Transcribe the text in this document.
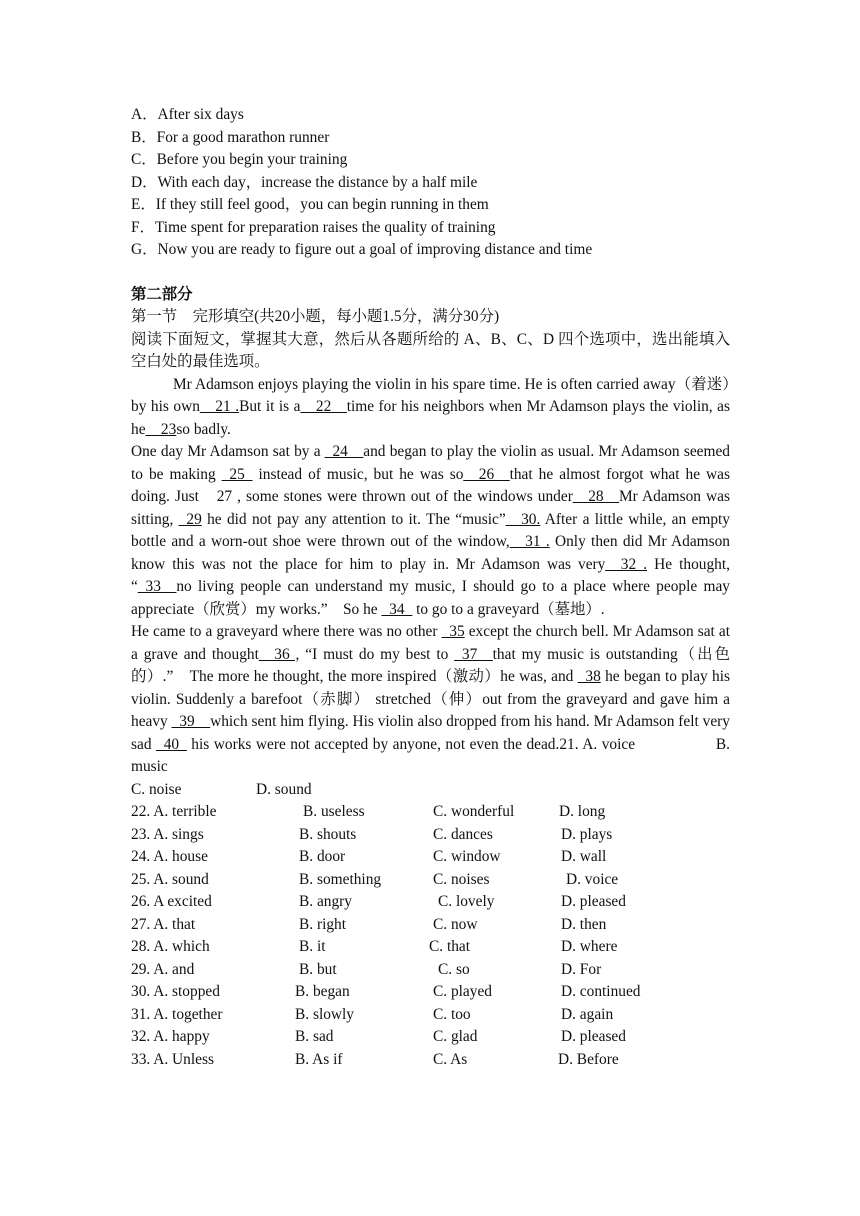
A．After six days
B．For a good marathon runner
C．Before you begin your training
D．With each day，increase the distance by a half mile
E．If they still feel good，you can begin running in them
F．Time spent for preparation raises the quality of training
G．Now you are ready to figure out a goal of improving distance and time
第二部分
第一节　完形填空(共20小题，每小题1.5分，满分30分)
阅读下面短文，掌握其大意，然后从各题所给的 A、B、C、D 四个选项中，选出能填入空白处的最佳选项。
Mr Adamson enjoys playing the violin in his spare time. He is often carried away（着迷）by his own__21 .But it is a__22__time for his neighbors when Mr Adamson plays the violin, as he__23so badly.
One day Mr Adamson sat by a _24__and began to play the violin as usual. Mr Adamson seemed to be making _25_ instead of music, but he was so__26__that he almost forgot what he was doing. Just　27 , some stones were thrown out of the windows under__28__Mr Adamson was sitting, _29 he did not pay any attention to it. The “music”__30. After a little while, an empty bottle and a worn-out shoe were thrown out of the window,__31 . Only then did Mr Adamson know this was not the place for him to play in. Mr Adamson was very__32 . He thought, “_33__no living people can understand my music, I should go to a place where people may appreciate（欣赏）my works.”　So he _34_ to go to a graveyard（墓地）.
He came to a graveyard where there was no other _35 except the church bell. Mr Adamson sat at a grave and thought__36 , “I must do my best to _37__that my music is outstanding（出色的）.”　The more he thought, the more inspired（激动）he was, and _38 he began to play his violin. Suddenly a barefoot（赤脚） stretched（伸）out from the graveyard and gave him a heavy _39__which sent him flying. His violin also dropped from his hand. Mr Adamson felt very sad _40_ his works were not accepted by anyone, not even the dead.21. A. voice　　　　　B. music
C. noise	D. sound
22. A. terrible	B. useless	C. wonderful	D. long
23. A. sings	B. shouts	C. dances	D. plays
24. A. house	B. door	C. window	D. wall
25. A. sound	B. something	C. noises	D. voice
26. A excited	B. angry	C. lovely	D. pleased
27. A. that	B. right	C. now	D. then
28. A. which	B. it	C. that	D. where
29. A. and	B. but	C. so	D. For
30. A. stopped	B. began	C. played	D. continued
31. A. together	B. slowly	C. too	D. again
32. A. happy	B. sad	C. glad	D. pleased
33. A. Unless	B. As if	C. As	D. Before
